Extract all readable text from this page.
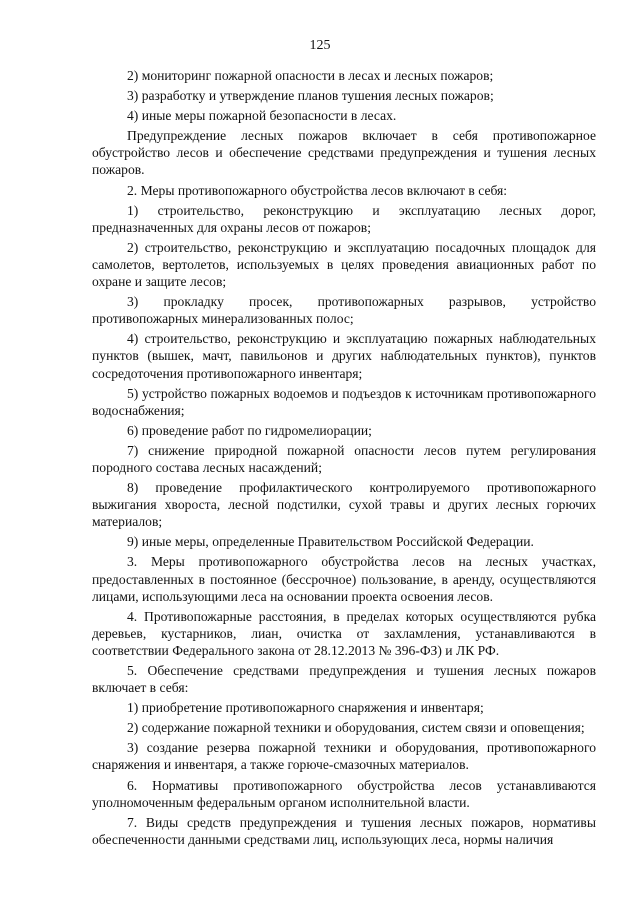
125

2) мониторинг пожарной опасности в лесах и лесных пожаров;

3) разработку и утверждение планов тушения лесных пожаров;

4) иные меры пожарной безопасности в лесах.

Предупреждение лесных пожаров включает в себя противопожарное обустройство лесов и обеспечение средствами предупреждения и тушения лесных пожаров.

2. Меры противопожарного обустройства лесов включают в себя:

1) строительство, реконструкцию и эксплуатацию лесных дорог, предназначенных для охраны лесов от пожаров;

2) строительство, реконструкцию и эксплуатацию посадочных площадок для самолетов, вертолетов, используемых в целях проведения авиационных работ по охране и защите лесов;

3) прокладку просек, противопожарных разрывов, устройство противопожарных минерализованных полос;

4) строительство, реконструкцию и эксплуатацию пожарных наблюдательных пунктов (вышек, мачт, павильонов и других наблюдательных пунктов), пунктов сосредоточения противопожарного инвентаря;

5) устройство пожарных водоемов и подъездов к источникам противопожарного водоснабжения;

6) проведение работ по гидромелиорации;

7) снижение природной пожарной опасности лесов путем регулирования породного состава лесных насаждений;

8) проведение профилактического контролируемого противопожарного выжигания хвороста, лесной подстилки, сухой травы и других лесных горючих материалов;

9) иные меры, определенные Правительством Российской Федерации.

3. Меры противопожарного обустройства лесов на лесных участках, предоставленных в постоянное (бессрочное) пользование, в аренду, осуществляются лицами, использующими леса на основании проекта освоения лесов.

4. Противопожарные расстояния, в пределах которых осуществляются рубка деревьев, кустарников, лиан, очистка от захламления, устанавливаются в соответствии Федерального закона от 28.12.2013 № 396-ФЗ) и ЛК РФ.

5. Обеспечение средствами предупреждения и тушения лесных пожаров включает в себя:

1) приобретение противопожарного снаряжения и инвентаря;

2) содержание пожарной техники и оборудования, систем связи и оповещения;

3) создание резерва пожарной техники и оборудования, противопожарного снаряжения и инвентаря, а также горюче-смазочных материалов.

6. Нормативы противопожарного обустройства лесов устанавливаются уполномоченным федеральным органом исполнительной власти.

7. Виды средств предупреждения и тушения лесных пожаров, нормативы обеспеченности данными средствами лиц, использующих леса, нормы наличия
